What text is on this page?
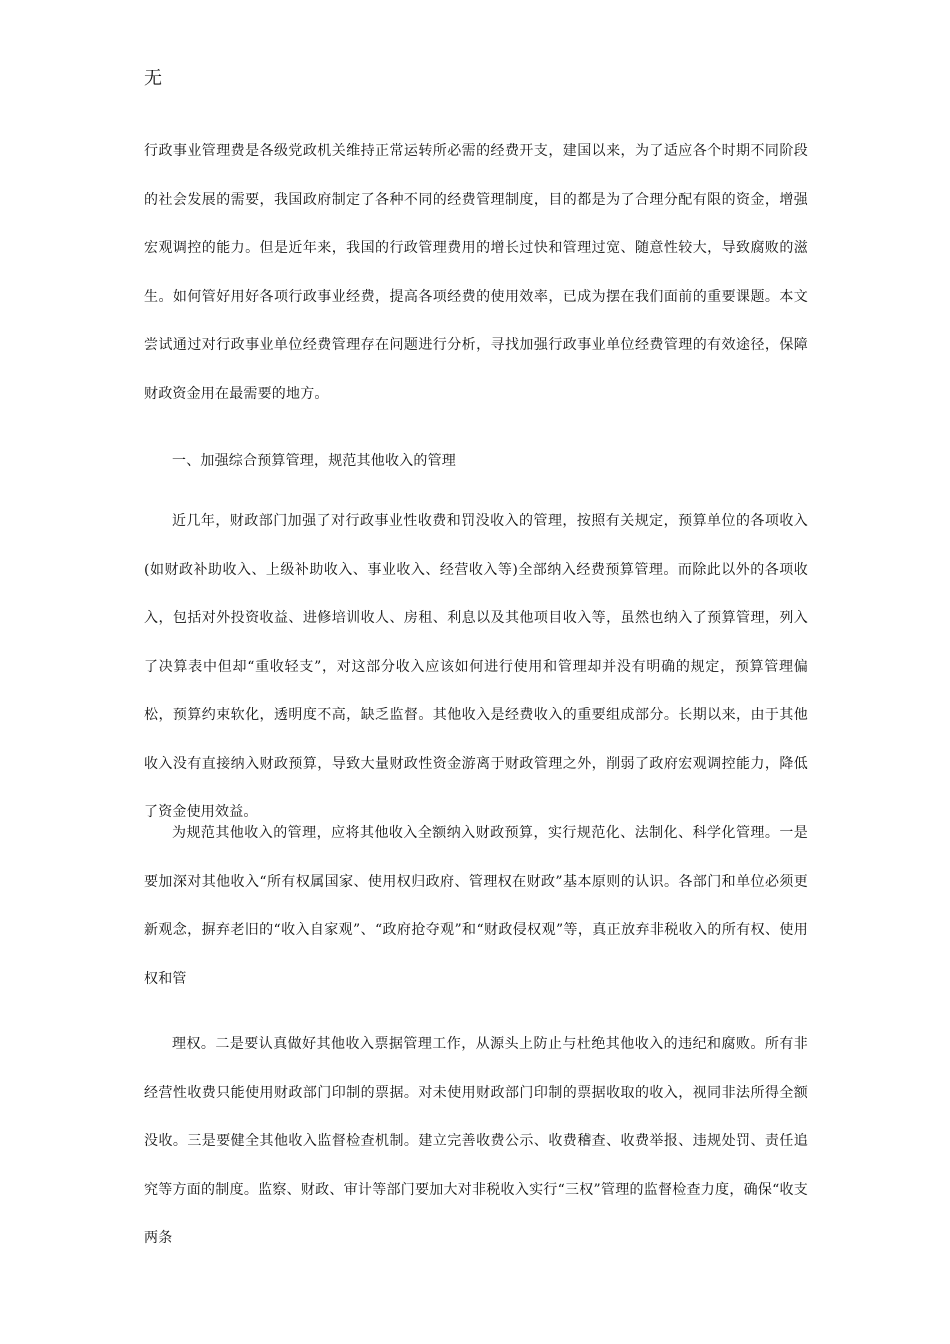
无

行政事业管理费是各级党政机关维持正常运转所必需的经费开支，建国以来，为了适应各个时期不同阶段的社会发展的需要，我国政府制定了各种不同的经费管理制度，目的都是为了合理分配有限的资金，增强宏观调控的能力。但是近年来，我国的行政管理费用的增长过快和管理过宽、随意性较大，导致腐败的滋生。如何管好用好各项行政事业经费，提高各项经费的使用效率，已成为摆在我们面前的重要课题。本文尝试通过对行政事业单位经费管理存在问题进行分析，寻找加强行政事业单位经费管理的有效途径，保障财政资金用在最需要的地方。

一、加强综合预算管理，规范其他收入的管理

近几年，财政部门加强了对行政事业性收费和罚没收入的管理，按照有关规定，预算单位的各项收入(如财政补助收入、上级补助收入、事业收入、经营收入等)全部纳入经费预算管理。而除此以外的各项收入，包括对外投资收益、进修培训收人、房租、利息以及其他项目收入等，虽然也纳入了预算管理，列入了决算表中但却“重收轻支”，对这部分收入应该如何进行使用和管理却并没有明确的规定，预算管理偏松，预算约束软化，透明度不高，缺乏监督。其他收入是经费收入的重要组成部分。长期以来，由于其他收入没有直接纳入财政预算，导致大量财政性资金游离于财政管理之外，削弱了政府宏观调控能力，降低了资金使用效益。

为规范其他收入的管理，应将其他收入全额纳入财政预算，实行规范化、法制化、科学化管理。一是要加深对其他收入“所有权属国家、使用权归政府、管理权在财政”基本原则的认识。各部门和单位必须更新观念，摒弃老旧的“收入自家观”、“政府抢夺观”和“财政侵权观”等，真正放弃非税收入的所有权、使用权和管

理权。二是要认真做好其他收入票据管理工作，从源头上防止与杜绝其他收入的违纪和腐败。所有非经营性收费只能使用财政部门印制的票据。对未使用财政部门印制的票据收取的收入，视同非法所得全额没收。三是要健全其他收入监督检查机制。建立完善收费公示、收费稽查、收费举报、违规处罚、责任追究等方面的制度。监察、财政、审计等部门要加大对非税收入实行“三权”管理的监督检查力度，确保“收支两条
